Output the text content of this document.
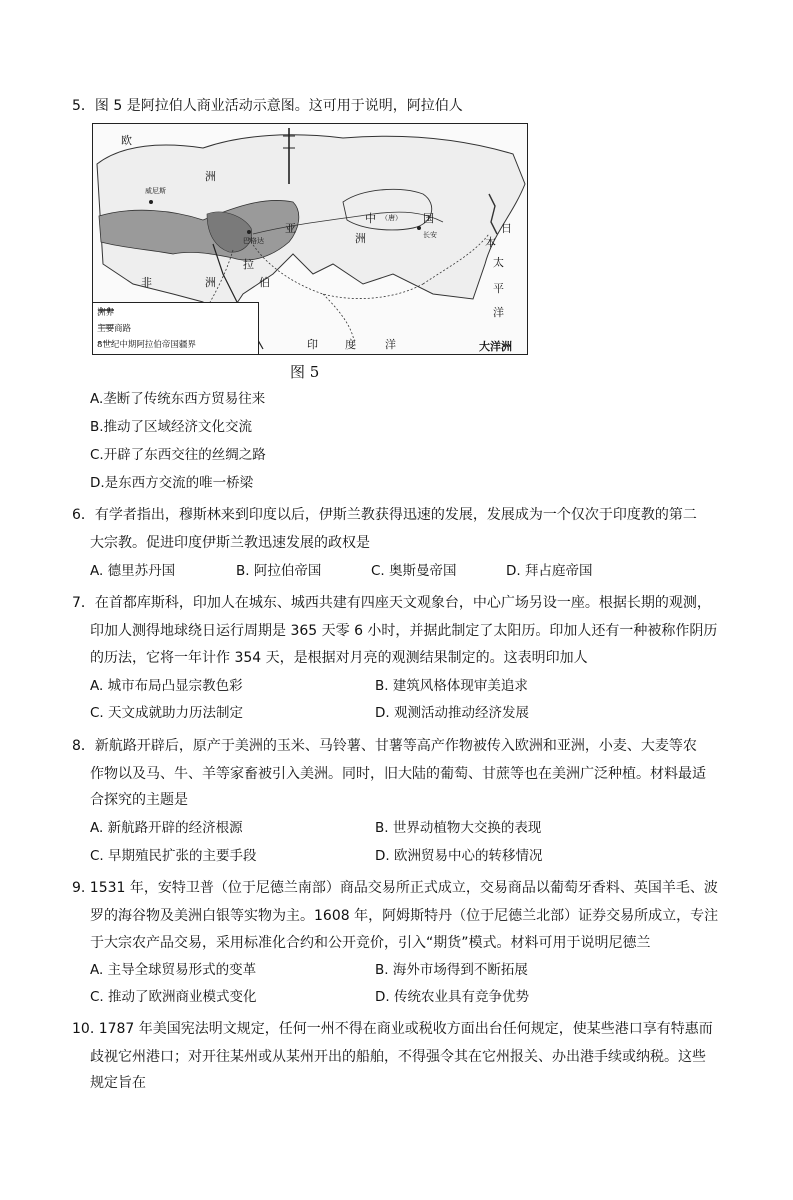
5．图 5 是阿拉伯人商业活动示意图。这可用于说明，阿拉伯人
欧
洲
威尼斯
亚
洲
非	洲
中 （唐） 国
长安	日
本
太
平
洋
巴格达
拉
伯
印 度	洋	大洋洲
洲界
主要商路
8世纪中期阿拉伯帝国疆界
图 5
A.垄断了传统东西方贸易往来
B.推动了区域经济文化交流
C.开辟了东西交往的丝绸之路
D.是东西方交流的唯一桥梁
6．有学者指出，穆斯林来到印度以后，伊斯兰教获得迅速的发展，发展成为一个仅次于印度教的第二
大宗教。促进印度伊斯兰教迅速发展的政权是
A. 德里苏丹国	B. 阿拉伯帝国	C. 奥斯曼帝国	D. 拜占庭帝国
7．在首都库斯科，印加人在城东、城西共建有四座天文观象台，中心广场另设一座。根据长期的观测，
印加人测得地球绕日运行周期是 365 天零 6 小时，并据此制定了太阳历。印加人还有一种被称作阴历
的历法，它将一年计作 354 天，是根据对月亮的观测结果制定的。这表明印加人
A. 城市布局凸显宗教色彩	B. 建筑风格体现审美追求
C. 天文成就助力历法制定	D. 观测活动推动经济发展
8．新航路开辟后，原产于美洲的玉米、马铃薯、甘薯等高产作物被传入欧洲和亚洲，小麦、大麦等农
作物以及马、牛、羊等家畜被引入美洲。同时，旧大陆的葡萄、甘蔗等也在美洲广泛种植。材料最适
合探究的主题是
A. 新航路开辟的经济根源	B. 世界动植物大交换的表现
C. 早期殖民扩张的主要手段	D. 欧洲贸易中心的转移情况
9. 1531 年，安特卫普（位于尼德兰南部）商品交易所正式成立，交易商品以葡萄牙香料、英国羊毛、波
罗的海谷物及美洲白银等实物为主。1608 年，阿姆斯特丹（位于尼德兰北部）证券交易所成立，专注
于大宗农产品交易，采用标准化合约和公开竞价，引入“期货”模式。材料可用于说明尼德兰
A. 主导全球贸易形式的变革	B. 海外市场得到不断拓展
C. 推动了欧洲商业模式变化	D. 传统农业具有竞争优势
10. 1787 年美国宪法明文规定，任何一州不得在商业或税收方面出台任何规定，使某些港口享有特惠而
歧视它州港口；对开往某州或从某州开出的船舶，不得强令其在它州报关、办出港手续或纳税。这些
规定旨在
